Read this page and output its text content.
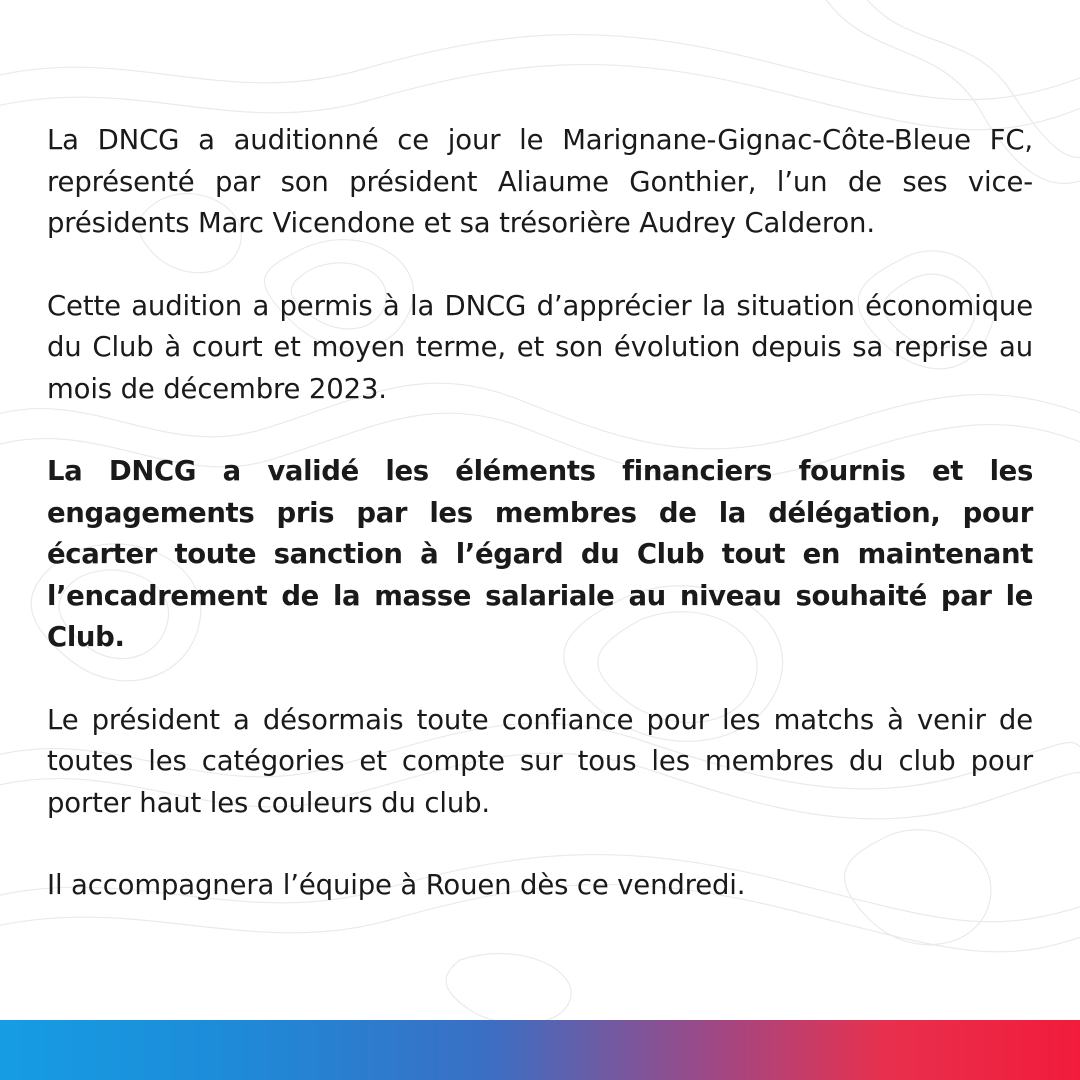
La DNCG a auditionné ce jour le Marignane-Gignac-Côte-Bleue FC, représenté par son président Aliaume Gonthier, l’un de ses vice-présidents Marc Vicendone et sa trésorière Audrey Calderon.

Cette audition a permis à la DNCG d’apprécier la situation économique du Club à court et moyen terme, et son évolution depuis sa reprise au mois de décembre 2023.

La DNCG a validé les éléments financiers fournis et les engagements pris par les membres de la délégation, pour écarter toute sanction à l’égard du Club tout en maintenant l’encadrement de la masse salariale au niveau souhaité par le Club.

Le président a désormais toute confiance pour les matchs à venir de toutes les catégories et compte sur tous les membres du club pour porter haut les couleurs du club.

Il accompagnera l’équipe à Rouen dès ce vendredi.
